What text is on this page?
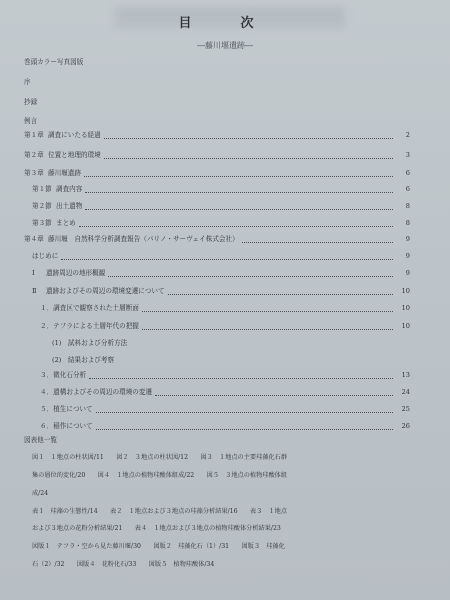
目　次
―藤川堰遺跡―
巻頭カラー写真図版
序
抄録
例言
第１章 調査にいたる経過	2
第２章 位置と地理的環境	3
第３章 藤川堰遺跡	6
第１節 調査内容	6
第２節 出土遺物	8
第３節 まとめ	8
第４章 藤川堰　自然科学分析調査報告（パリノ・サーヴェイ株式会社）	9
はじめに	9
Ⅰ	遺跡周辺の地形概観	9
Ⅱ	遺跡およびその周辺の環境変遷について	10
１．調査区で観察された土層断面	10
２．テフラによる土層年代の把握	10
(1)　試料および分析方法
(2)　結果および考察
３．微化石分析	13
４．遺構およびその周辺の環境の変遷	24
５．植生について	25
６．稲作について	26
図表他一覧
図１　１地点の柱状図/11　　図２　３地点の柱状図/12　　図３　１地点の主要珪藻化石群
集の層位的変化/20　　図４　１地点の植物珪酸体組成/22　　図５　３地点の植物珪酸体組
成/24
表１　珪藻の生態性/14　　表２　１地点および３地点の珪藻分析結果/16　　表３　１地点
および３地点の花粉分析結果/21　　表４　１地点および３地点の植物珪酸体分析結果/23
図版１　テフラ・空から見た藤川堰/30　　図版２　珪藻化石（1）/31　　図版３　珪藻化
石（2）/32　　図版４　花粉化石/33　　図版５　植物珪酸体/34
